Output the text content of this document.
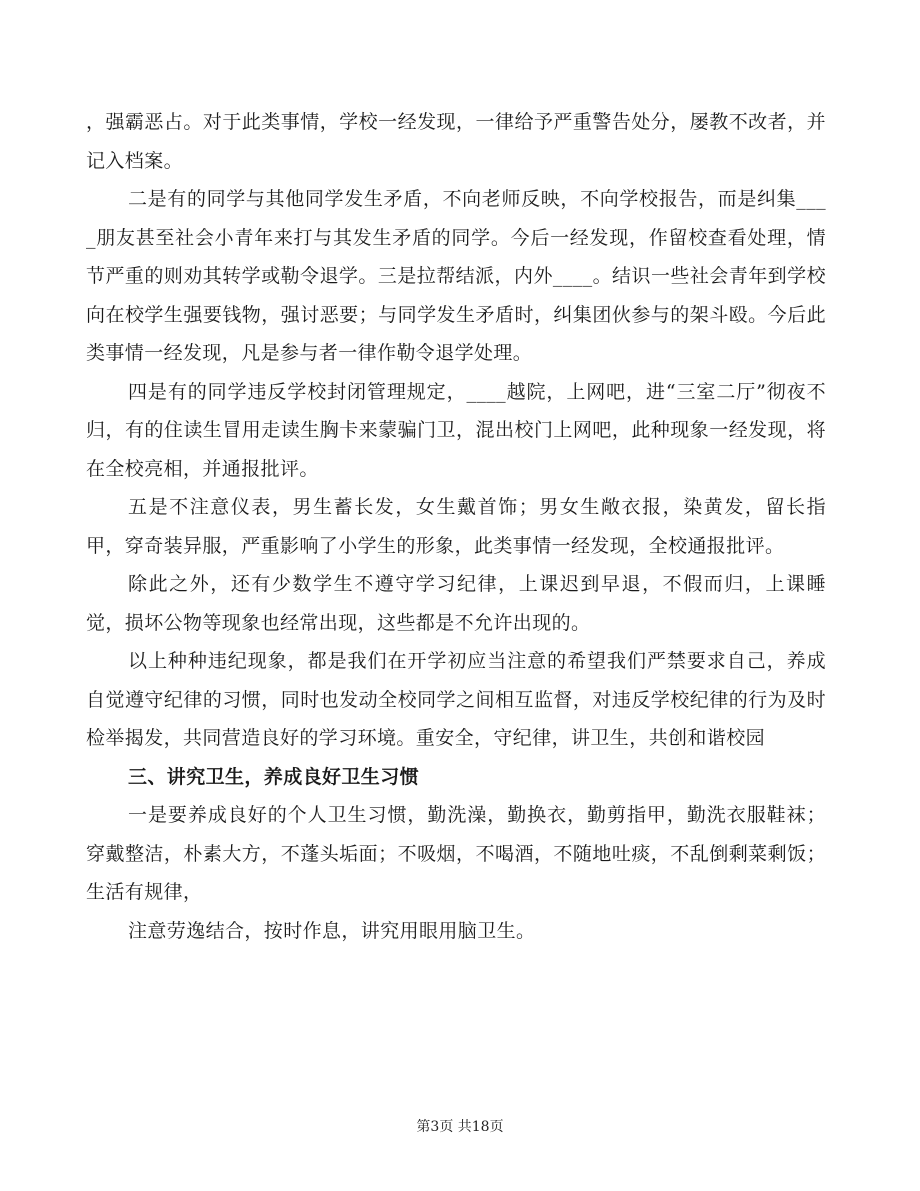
，强霸恶占。对于此类事情，学校一经发现，一律给予严重警告处分，屡教不改者，并记入档案。

二是有的同学与其他同学发生矛盾，不向老师反映，不向学校报告，而是纠集____朋友甚至社会小青年来打与其发生矛盾的同学。今后一经发现，作留校查看处理，情节严重的则劝其转学或勒令退学。三是拉帮结派，内外____。结识一些社会青年到学校向在校学生强要钱物，强讨恶要；与同学发生矛盾时，纠集团伙参与的架斗殴。今后此类事情一经发现，凡是参与者一律作勒令退学处理。

四是有的同学违反学校封闭管理规定，____越院，上网吧，进“三室二厅”彻夜不归，有的住读生冒用走读生胸卡来蒙骗门卫，混出校门上网吧，此种现象一经发现，将在全校亮相，并通报批评。

五是不注意仪表，男生蓄长发，女生戴首饰；男女生敞衣报，染黄发，留长指甲，穿奇装异服，严重影响了小学生的形象，此类事情一经发现，全校通报批评。

除此之外，还有少数学生不遵守学习纪律，上课迟到早退，不假而归，上课睡觉，损坏公物等现象也经常出现，这些都是不允许出现的。

以上种种违纪现象，都是我们在开学初应当注意的希望我们严禁要求自己，养成自觉遵守纪律的习惯，同时也发动全校同学之间相互监督，对违反学校纪律的行为及时检举揭发，共同营造良好的学习环境。重安全，守纪律，讲卫生，共创和谐校园

三、讲究卫生，养成良好卫生习惯

一是要养成良好的个人卫生习惯，勤洗澡，勤换衣，勤剪指甲，勤洗衣服鞋袜；穿戴整洁，朴素大方，不蓬头垢面；不吸烟，不喝酒，不随地吐痰，不乱倒剩菜剩饭；生活有规律，

注意劳逸结合，按时作息，讲究用眼用脑卫生。

第3页 共18页
